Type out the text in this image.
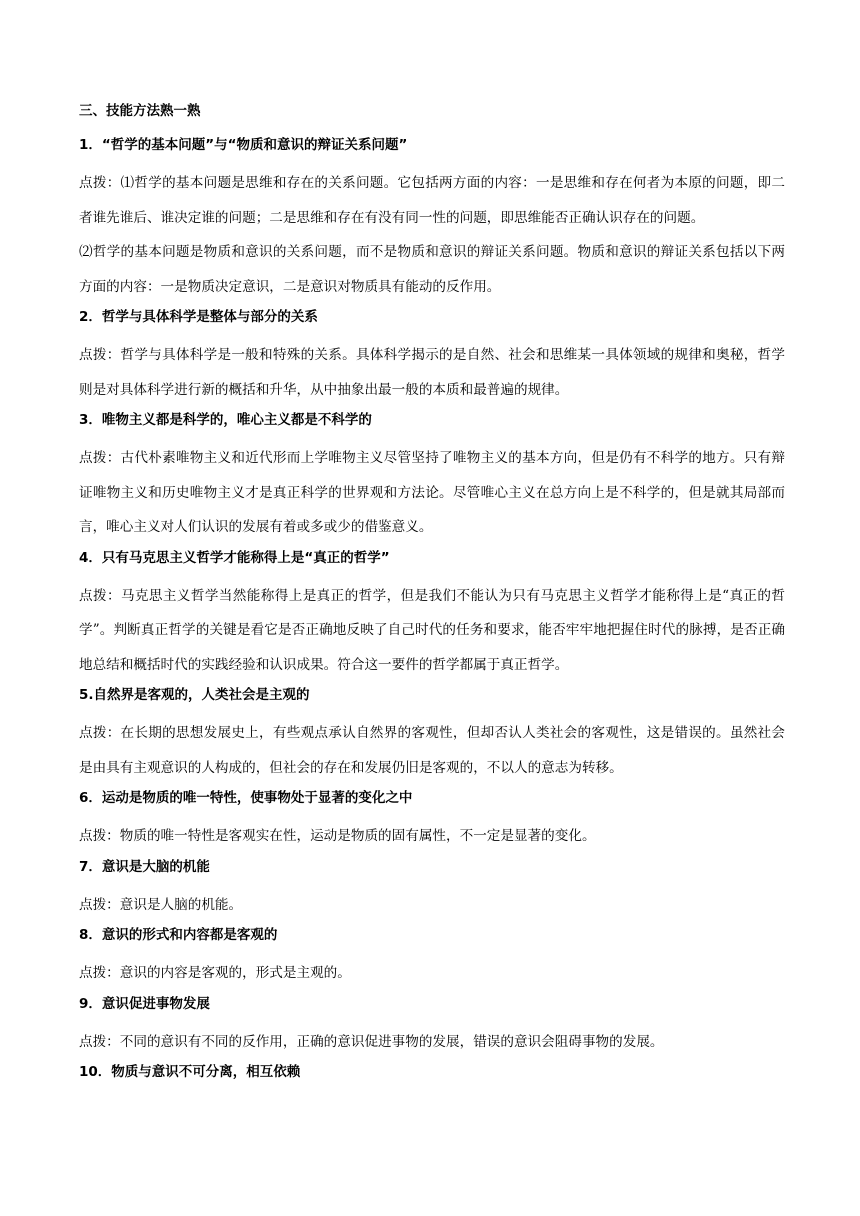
三、技能方法熟一熟
1．“哲学的基本问题”与“物质和意识的辩证关系问题”
点拨：⑴哲学的基本问题是思维和存在的关系问题。它包括两方面的内容：一是思维和存在何者为本原的问题，即二者谁先谁后、谁决定谁的问题；二是思维和存在有没有同一性的问题，即思维能否正确认识存在的问题。
⑵哲学的基本问题是物质和意识的关系问题，而不是物质和意识的辩证关系问题。物质和意识的辩证关系包括以下两方面的内容：一是物质决定意识，二是意识对物质具有能动的反作用。
2．哲学与具体科学是整体与部分的关系
点拨：哲学与具体科学是一般和特殊的关系。具体科学揭示的是自然、社会和思维某一具体领域的规律和奥秘，哲学则是对具体科学进行新的概括和升华，从中抽象出最一般的本质和最普遍的规律。
3．唯物主义都是科学的，唯心主义都是不科学的
点拨：古代朴素唯物主义和近代形而上学唯物主义尽管坚持了唯物主义的基本方向，但是仍有不科学的地方。只有辩证唯物主义和历史唯物主义才是真正科学的世界观和方法论。尽管唯心主义在总方向上是不科学的，但是就其局部而言，唯心主义对人们认识的发展有着或多或少的借鉴意义。
4．只有马克思主义哲学才能称得上是“真正的哲学”
点拨：马克思主义哲学当然能称得上是真正的哲学，但是我们不能认为只有马克思主义哲学才能称得上是“真正的哲学”。判断真正哲学的关键是看它是否正确地反映了自己时代的任务和要求，能否牢牢地把握住时代的脉搏，是否正确地总结和概括时代的实践经验和认识成果。符合这一要件的哲学都属于真正哲学。
5.自然界是客观的，人类社会是主观的
点拨：在长期的思想发展史上，有些观点承认自然界的客观性，但却否认人类社会的客观性，这是错误的。虽然社会是由具有主观意识的人构成的，但社会的存在和发展仍旧是客观的，不以人的意志为转移。
6．运动是物质的唯一特性，使事物处于显著的变化之中
点拨：物质的唯一特性是客观实在性，运动是物质的固有属性，不一定是显著的变化。
7．意识是大脑的机能
点拨：意识是人脑的机能。
8．意识的形式和内容都是客观的
点拨：意识的内容是客观的，形式是主观的。
9．意识促进事物发展
点拨：不同的意识有不同的反作用，正确的意识促进事物的发展，错误的意识会阻碍事物的发展。
10．物质与意识不可分离，相互依赖
